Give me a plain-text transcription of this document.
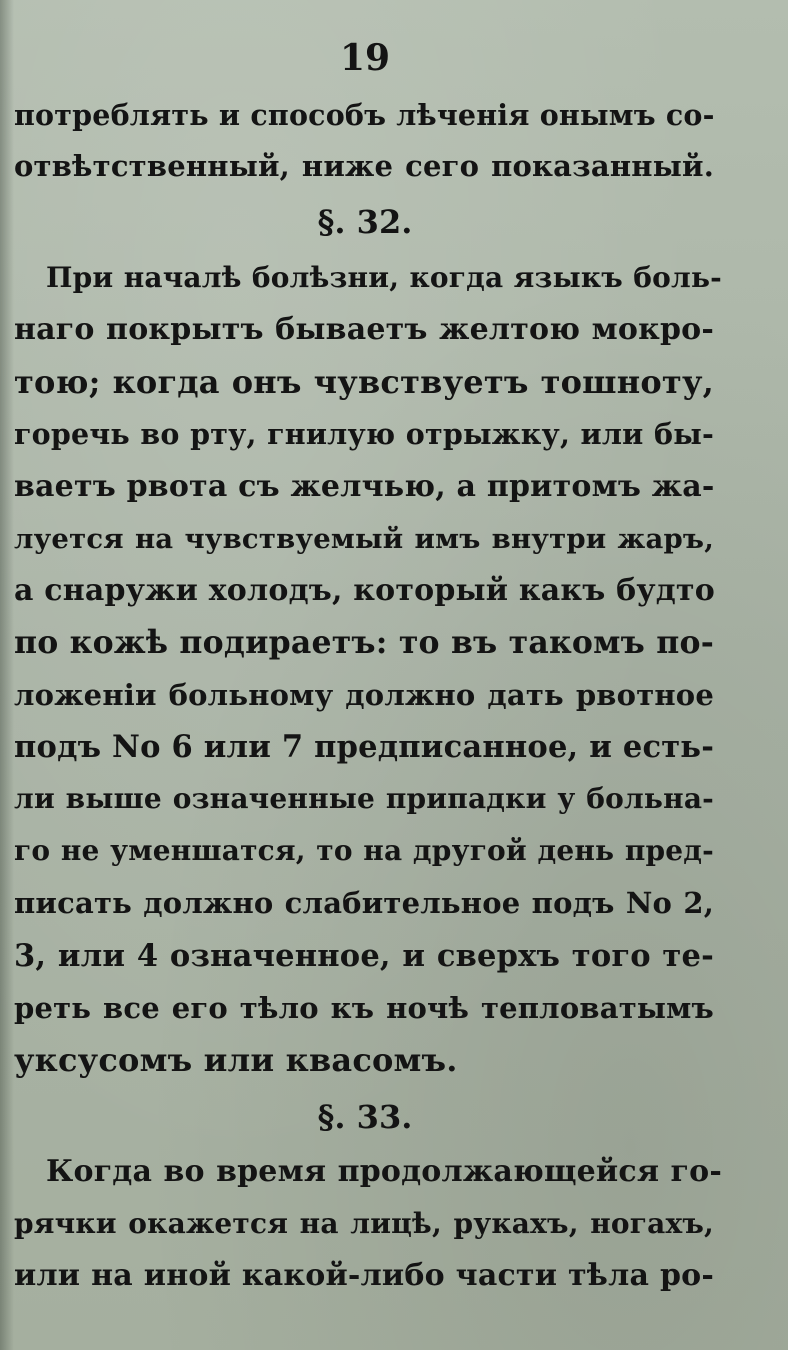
19
потреблять и способъ лѣченія онымъ со-
отвѣтственный, ниже сего показанный.
§. 32.
При началѣ болѣзни, когда языкъ боль-
наго покрытъ бываетъ желтою мокро-
тою; когда онъ чувствуетъ тошноту,
горечь во рту, гнилую отрыжку, или бы-
ваетъ рвота съ желчью, а притомъ жа-
луется на чувствуемый имъ внутри жаръ,
а снаружи холодъ, который какъ будто
по кожѣ подираетъ: то въ такомъ по-
ложеніи больному должно дать рвотное
подъ No 6 или 7 предписанное, и есть-
ли выше означенные припадки у больна-
го не уменшатся, то на другой день пред-
писать должно слабительное подъ No 2,
3, или 4 означенное, и сверхъ того те-
реть все его тѣло къ ночѣ тепловатымъ
уксусомъ или квасомъ.
§. 33.
Когда во время продолжающейся го-
рячки окажется на лицѣ, рукахъ, ногахъ,
или на иной какой-либо части тѣла ро-
